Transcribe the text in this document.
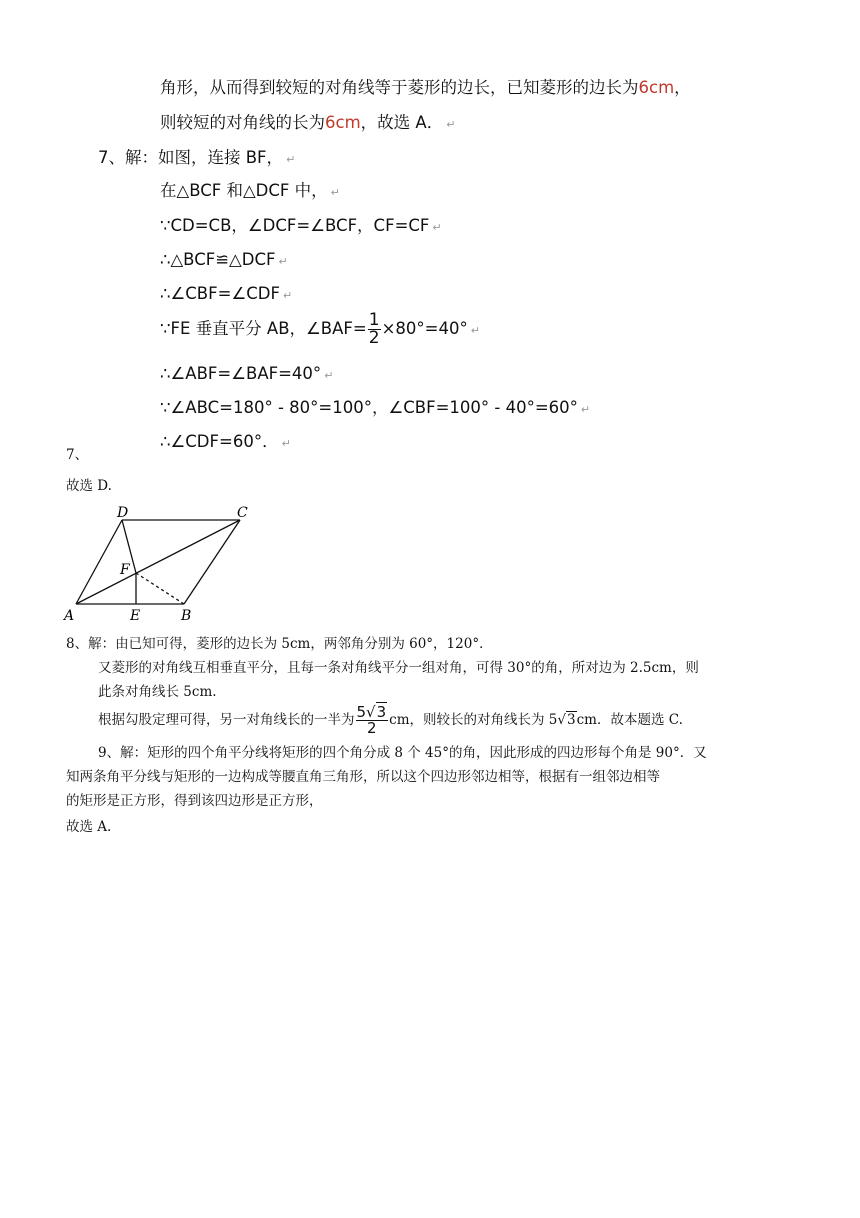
角形，从而得到较短的对角线等于菱形的边长，已知菱形的边长为6cm，
则较短的对角线的长为6cm，故选 A． ↵
7、解：如图，连接 BF， ↵
在△BCF 和△DCF 中， ↵
∵CD=CB，∠DCF=∠BCF，CF=CF ↵
∴△BCF≌△DCF ↵
∴∠CBF=∠CDF ↵
∵FE 垂直平分 AB，∠BAF= $\frac{1}{2} \times 80^\circ=40^\circ$ ↵
∴∠ABF=∠BAF=40° ↵
∵∠ABC=180° - 80°=100°，∠CBF=100° - 40°=60° ↵
∴∠CDF=60°． ↵
7、
故选 D.
D	C
F
A	E	B
8、解：由已知可得，菱形的边长为 5cm，两邻角分别为 60°，120°．
又菱形的对角线互相垂直平分，且每一条对角线平分一组对角，可得 30°的角，所对边为 2.5cm，则
此条对角线长 5cm.
根据勾股定理可得，另一对角线长的一半为 $\frac{5√3}{2}$ cm，则较长的对角线长为 5√3cm．故本题选 C.
9、解：矩形的四个角平分线将矩形的四个角分成 8 个 45°的角，因此形成的四边形每个角是 90°．又
知两条角平分线与矩形的一边构成等腰直角三角形，所以这个四边形邻边相等，根据有一组邻边相等
的矩形是正方形，得到该四边形是正方形，
故选 A.
